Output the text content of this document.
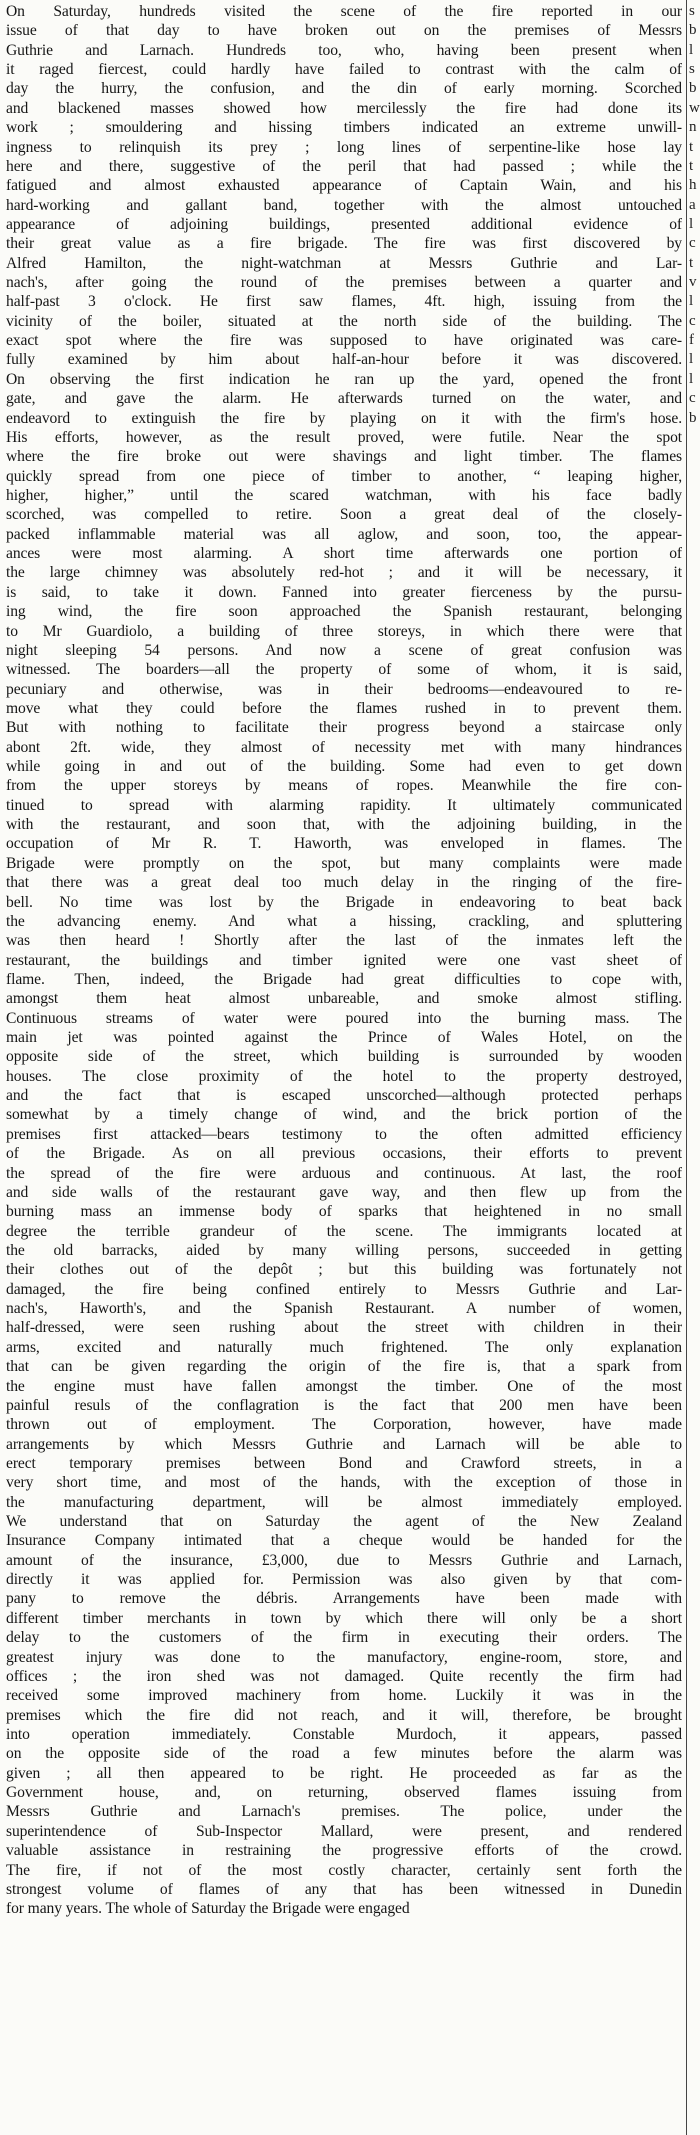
On Saturday, hundreds visited the scene of the fire reported in our
issue of that day to have broken out on the premises of Messrs
Guthrie and Larnach. Hundreds too, who, having been present when
it raged fiercest, could hardly have failed to contrast with the calm of
day the hurry, the confusion, and the din of early morning. Scorched
and blackened masses showed how mercilessly the fire had done its
work ; smouldering and hissing timbers indicated an extreme unwill-
ingness to relinquish its prey ; long lines of serpentine-like hose lay
here and there, suggestive of the peril that had passed ; while the
fatigued and almost exhausted appearance of Captain Wain, and his
hard-working and gallant band, together with the almost untouched
appearance of adjoining buildings, presented additional evidence of
their great value as a fire brigade. The fire was first discovered by
Alfred Hamilton, the night-watchman at Messrs Guthrie and Lar-
nach's, after going the round of the premises between a quarter and
half-past 3 o'clock. He first saw flames, 4ft. high, issuing from the
vicinity of the boiler, situated at the north side of the building. The
exact spot where the fire was supposed to have originated was care-
fully examined by him about half-an-hour before it was discovered.
On observing the first indication he ran up the yard, opened the front
gate, and gave the alarm. He afterwards turned on the water, and
endeavord to extinguish the fire by playing on it with the firm's hose.
His efforts, however, as the result proved, were futile. Near the spot
where the fire broke out were shavings and light timber. The flames
quickly spread from one piece of timber to another, “ leaping higher,
higher, higher,” until the scared watchman, with his face badly
scorched, was compelled to retire. Soon a great deal of the closely-
packed inflammable material was all aglow, and soon, too, the appear-
ances were most alarming. A short time afterwards one portion of
the large chimney was absolutely red-hot ; and it will be necessary, it
is said, to take it down. Fanned into greater fierceness by the pursu-
ing wind, the fire soon approached the Spanish restaurant, belonging
to Mr Guardiolo, a building of three storeys, in which there were that
night sleeping 54 persons. And now a scene of great confusion was
witnessed. The boarders—all the property of some of whom, it is said,
pecuniary and otherwise, was in their bedrooms—endeavoured to re-
move what they could before the flames rushed in to prevent them.
But with nothing to facilitate their progress beyond a staircase only
abont 2ft. wide, they almost of necessity met with many hindrances
while going in and out of the building. Some had even to get down
from the upper storeys by means of ropes. Meanwhile the fire con-
tinued to spread with alarming rapidity. It ultimately communicated
with the restaurant, and soon that, with the adjoining building, in the
occupation of Mr R. T. Haworth, was enveloped in flames. The
Brigade were promptly on the spot, but many complaints were made
that there was a great deal too much delay in the ringing of the fire-
bell. No time was lost by the Brigade in endeavoring to beat back
the advancing enemy. And what a hissing, crackling, and spluttering
was then heard ! Shortly after the last of the inmates left the
restaurant, the buildings and timber ignited were one vast sheet of
flame. Then, indeed, the Brigade had great difficulties to cope with,
amongst them heat almost unbareable, and smoke almost stifling.
Continuous streams of water were poured into the burning mass. The
main jet was pointed against the Prince of Wales Hotel, on the
opposite side of the street, which building is surrounded by wooden
houses. The close proximity of the hotel to the property destroyed,
and the fact that is escaped unscorched—although protected perhaps
somewhat by a timely change of wind, and the brick portion of the
premises first attacked—bears testimony to the often admitted efficiency
of the Brigade. As on all previous occasions, their efforts to prevent
the spread of the fire were arduous and continuous. At last, the roof
and side walls of the restaurant gave way, and then flew up from the
burning mass an immense body of sparks that heightened in no small
degree the terrible grandeur of the scene. The immigrants located at
the old barracks, aided by many willing persons, succeeded in getting
their clothes out of the depôt ; but this building was fortunately not
damaged, the fire being confined entirely to Messrs Guthrie and Lar-
nach's, Haworth's, and the Spanish Restaurant. A number of women,
half-dressed, were seen rushing about the street with children in their
arms, excited and naturally much frightened. The only explanation
that can be given regarding the origin of the fire is, that a spark from
the engine must have fallen amongst the timber. One of the most
painful resuls of the conflagration is the fact that 200 men have been
thrown out of employment. The Corporation, however, have made
arrangements by which Messrs Guthrie and Larnach will be able to
erect temporary premises between Bond and Crawford streets, in a
very short time, and most of the hands, with the exception of those in
the manufacturing department, will be almost immediately employed.
We understand that on Saturday the agent of the New Zealand
Insurance Company intimated that a cheque would be handed for the
amount of the insurance, £3,000, due to Messrs Guthrie and Larnach,
directly it was applied for. Permission was also given by that com-
pany to remove the débris. Arrangements have been made with
different timber merchants in town by which there will only be a short
delay to the customers of the firm in executing their orders. The
greatest injury was done to the manufactory, engine-room, store, and
offices ; the iron shed was not damaged. Quite recently the firm had
received some improved machinery from home. Luckily it was in the
premises which the fire did not reach, and it will, therefore, be brought
into operation immediately. Constable Murdoch, it appears, passed
on the opposite side of the road a few minutes before the alarm was
given ; all then appeared to be right. He proceeded as far as the
Government house, and, on returning, observed flames issuing from
Messrs Guthrie and Larnach's premises. The police, under the
superintendence of Sub-Inspector Mallard, were present, and rendered
valuable assistance in restraining the progressive efforts of the crowd.
The fire, if not of the most costly character, certainly sent forth the
strongest volume of flames of any that has been witnessed in Dunedin
for many years. The whole of Saturday the Brigade were engaged
s
b
l
s
b
w
n
t
t
h
a
l
c
t
v
l
c
f
l
l
c
b
